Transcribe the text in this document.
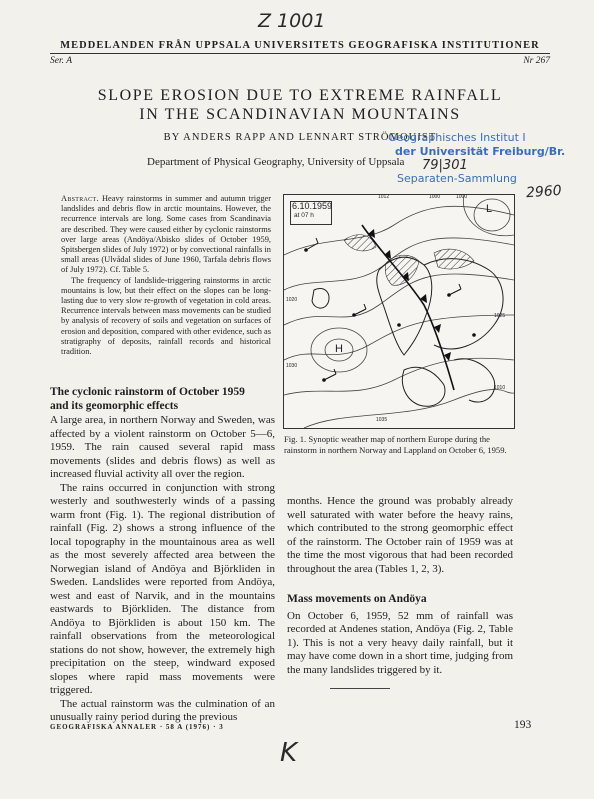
Z 1001
2960
K
MEDDELANDEN FRÅN UPPSALA UNIVERSITETS GEOGRAFISKA INSTITUTIONER
Ser. A	Nr 267
SLOPE EROSION DUE TO EXTREME RAINFALL
IN THE SCANDINAVIAN MOUNTAINS
BY ANDERS RAPP AND LENNART STRÖMQUIST
Department of Physical Geography, University of Uppsala
Geographisches Institut I
der Universität Freiburg/Br.
79|301
Separaten-Sammlung

Abstract. Heavy rainstorms in summer and autumn trigger landslides and debris flow in arctic mountains. However, the recurrence intervals are long. Some cases from Scandinavia are described. They were caused either by cyclonic rainstorms over large areas (Andöya/Abisko slides of October 1959, Spitsbergen slides of July 1972) or by convectional rainfalls in small areas (Ulvådal slides of June 1960, Tarfala debris flows of July 1972). Cf. Table 5.

The frequency of landslide-triggering rainstorms in arctic mountains is low, but their effect on the slopes can be long-lasting due to very slow re-growth of vegetation in cold areas. Recurrence intervals between mass movements can be studied by analysis of recovery of soils and vegetation on surfaces of erosion and deposition, compared with other evidence, such as stratigraphy of deposits, rainfall records and historical tradition.

6.10.1959
at 07 h
L
H
1012	1000	1000
1020
1030
1035
1025
1010
Fig. 1. Synoptic weather map of northern Europe during the rainstorm in northern Norway and Lappland on October 6, 1959.
The cyclonic rainstorm of October 1959
and its geomorphic effects

A large area, in northern Norway and Sweden, was affected by a violent rainstorm on October 5—6, 1959. The rain caused several rapid mass movements (slides and debris flows) as well as increased fluvial activity all over the region.

The rains occurred in conjunction with strong westerly and southwesterly winds of a passing warm front (Fig. 1). The regional distribution of rainfall (Fig. 2) shows a strong influence of the local topography in the mountainous area as well as the most severely affected area between the Norwegian island of Andöya and Björkliden in Sweden. Landslides were reported from Andöya, west and east of Narvik, and in the mountains eastwards to Björkliden. The distance from Andöya to Björkliden is about 150 km. The rainfall observations from the meteorological stations do not show, however, the extremely high precipitation on the steep, windward exposed slopes where rapid mass movements were triggered.

The actual rainstorm was the culmination of an unusually rainy period during the previous

months. Hence the ground was probably already well saturated with water before the heavy rains, which contributed to the strong geomorphic effect of the rainstorm. The October rain of 1959 was at the time the most vigorous that had been recorded throughout the area (Tables 1, 2, 3).

Mass movements on Andöya

On October 6, 1959, 52 mm of rainfall was recorded at Andenes station, Andöya (Fig. 2, Table 1). This is not a very heavy daily rainfall, but it may have come down in a short time, judging from the many landslides triggered by it.

GEOGRAFISKA ANNALER · 58 A (1976) · 3	193
